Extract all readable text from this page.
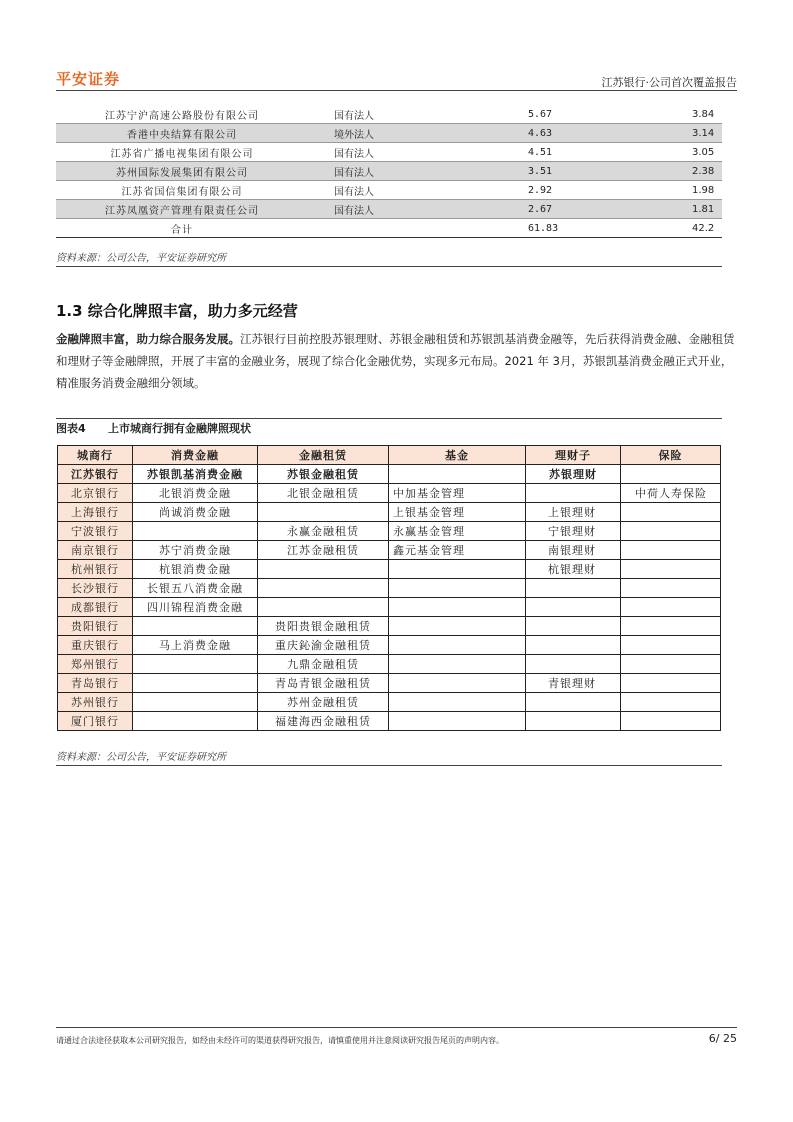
平安证券	江苏银行·公司首次覆盖报告
江苏宁沪高速公路股份有限公司	国有法人	5.67	3.84
香港中央结算有限公司	境外法人	4.63	3.14
江苏省广播电视集团有限公司	国有法人	4.51	3.05
苏州国际发展集团有限公司	国有法人	3.51	2.38
江苏省国信集团有限公司	国有法人	2.92	1.98
江苏凤凰资产管理有限责任公司	国有法人	2.67	1.81
合计		61.83	42.2
资料来源：公司公告，平安证券研究所
1.3 综合化牌照丰富，助力多元经营
金融牌照丰富，助力综合服务发展。江苏银行目前控股苏银理财、苏银金融租赁和苏银凯基消费金融等，先后获得消费金融、金融租赁和理财子等金融牌照，开展了丰富的金融业务，展现了综合化金融优势，实现多元布局。2021 年 3月，苏银凯基消费金融正式开业，精准服务消费金融细分领域。
图表4 上市城商行拥有金融牌照现状
城商行	消费金融	金融租赁	基金	理财子	保险
江苏银行	苏银凯基消费金融	苏银金融租赁		苏银理财	
北京银行	北银消费金融	北银金融租赁	中加基金管理		中荷人寿保险
上海银行	尚诚消费金融		上银基金管理	上银理财	
宁波银行		永赢金融租赁	永赢基金管理	宁银理财	
南京银行	苏宁消费金融	江苏金融租赁	鑫元基金管理	南银理财	
杭州银行	杭银消费金融			杭银理财	
长沙银行	长银五八消费金融				
成都银行	四川锦程消费金融				
贵阳银行		贵阳贵银金融租赁			
重庆银行	马上消费金融	重庆鈊渝金融租赁			
郑州银行		九鼎金融租赁			
青岛银行		青岛青银金融租赁		青银理财	
苏州银行		苏州金融租赁			
厦门银行		福建海西金融租赁			
资料来源：公司公告，平安证券研究所
请通过合法途径获取本公司研究报告，如经由未经许可的渠道获得研究报告，请慎重使用并注意阅读研究报告尾页的声明内容。	6/ 25
